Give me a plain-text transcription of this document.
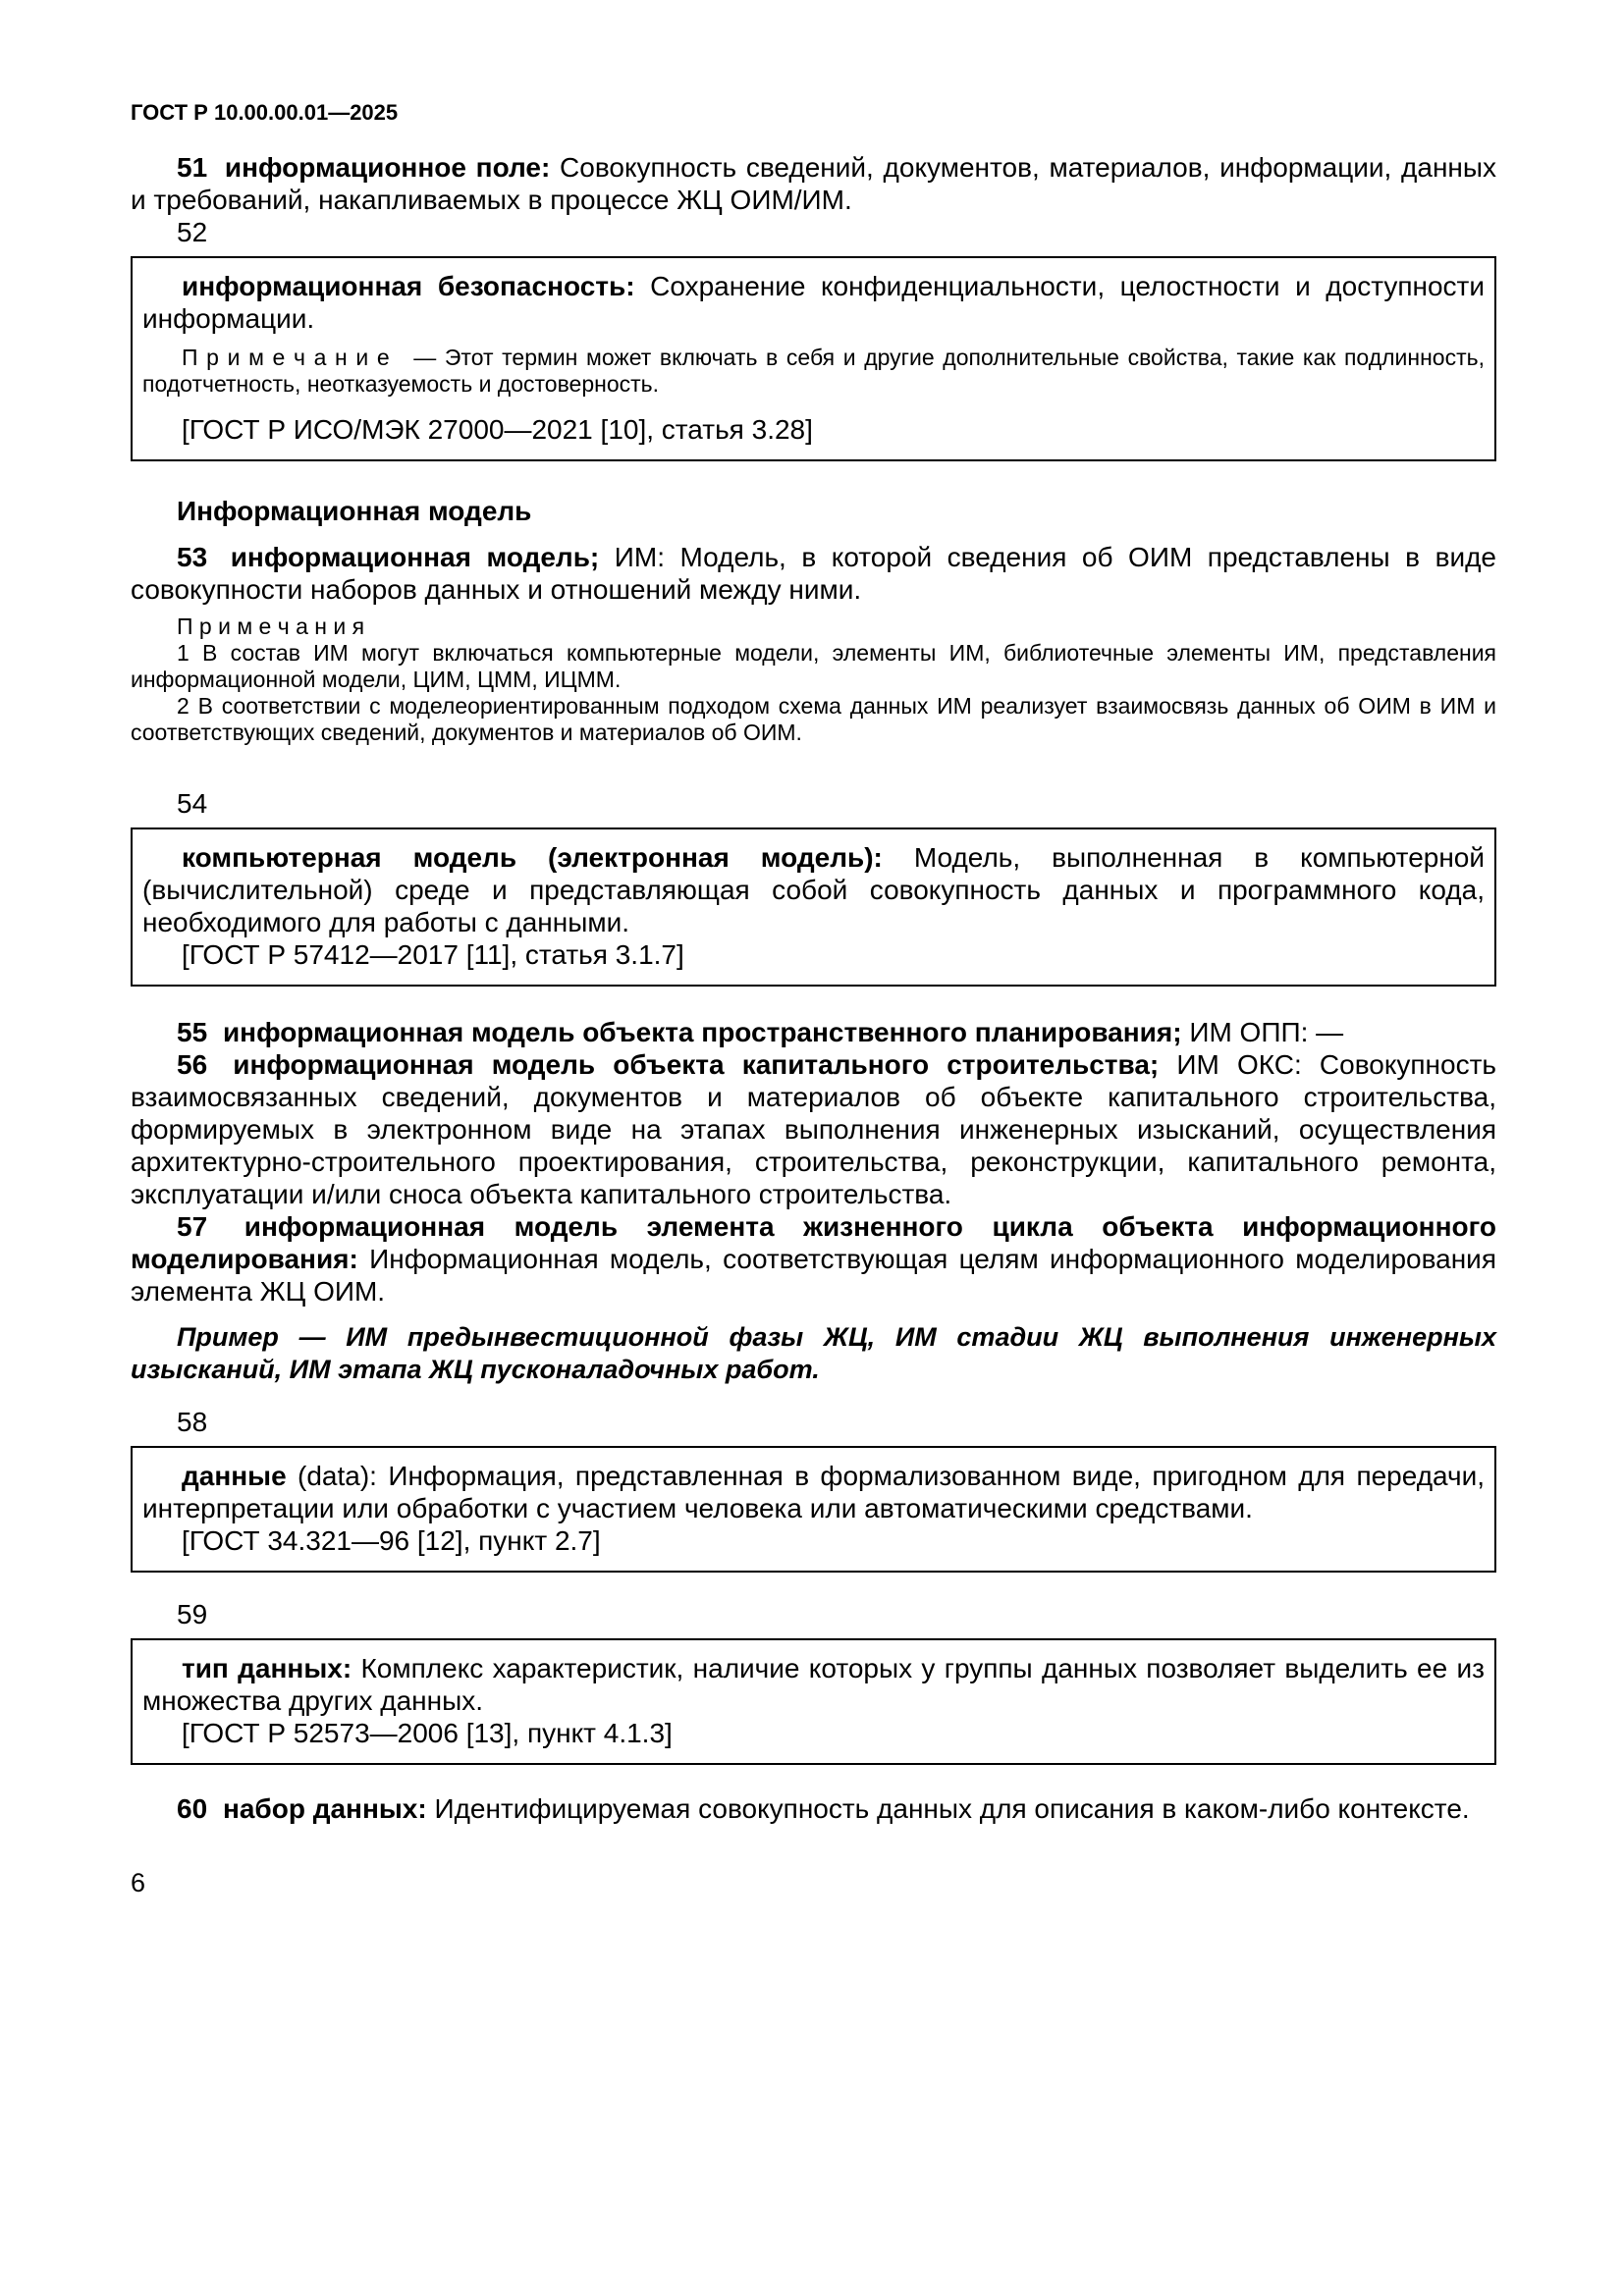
ГОСТ Р 10.00.00.01—2025

51 информационное поле: Совокупность сведений, документов, материалов, информации, данных и требований, накапливаемых в процессе ЖЦ ОИМ/ИМ.

52

информационная безопасность: Сохранение конфиденциальности, целостности и доступности информации.

П р и м е ч а н и е — Этот термин может включать в себя и другие дополнительные свойства, такие как подлинность, подотчетность, неотказуемость и достоверность.

[ГОСТ Р ИСО/МЭК 27000—2021 [10], статья 3.28]

Информационная модель

53 информационная модель; ИМ: Модель, в которой сведения об ОИМ представлены в виде совокупности наборов данных и отношений между ними.

П р и м е ч а н и я

1 В состав ИМ могут включаться компьютерные модели, элементы ИМ, библиотечные элементы ИМ, представления информационной модели, ЦИМ, ЦММ, ИЦММ.

2 В соответствии с моделеориентированным подходом схема данных ИМ реализует взаимосвязь данных об ОИМ в ИМ и соответствующих сведений, документов и материалов об ОИМ.

54

компьютерная модель (электронная модель): Модель, выполненная в компьютерной (вычислительной) среде и представляющая собой совокупность данных и программного кода, необходимого для работы с данными.

[ГОСТ Р 57412—2017 [11], статья 3.1.7]

55 информационная модель объекта пространственного планирования; ИМ ОПП: —

56 информационная модель объекта капитального строительства; ИМ ОКС: Совокупность взаимосвязанных сведений, документов и материалов об объекте капитального строительства, формируемых в электронном виде на этапах выполнения инженерных изысканий, осуществления архитектурно-строительного проектирования, строительства, реконструкции, капитального ремонта, эксплуатации и/или сноса объекта капитального строительства.

57 информационная модель элемента жизненного цикла объекта информационного моделирования: Информационная модель, соответствующая целям информационного моделирования элемента ЖЦ ОИМ.

Пример — ИМ предынвестиционной фазы ЖЦ, ИМ стадии ЖЦ выполнения инженерных изысканий, ИМ этапа ЖЦ пусконаладочных работ.

58

данные (data): Информация, представленная в формализованном виде, пригодном для передачи, интерпретации или обработки с участием человека или автоматическими средствами.

[ГОСТ 34.321—96 [12], пункт 2.7]

59

тип данных: Комплекс характеристик, наличие которых у группы данных позволяет выделить ее из множества других данных.

[ГОСТ Р 52573—2006 [13], пункт 4.1.3]

60 набор данных: Идентифицируемая совокупность данных для описания в каком-либо контексте.

6
